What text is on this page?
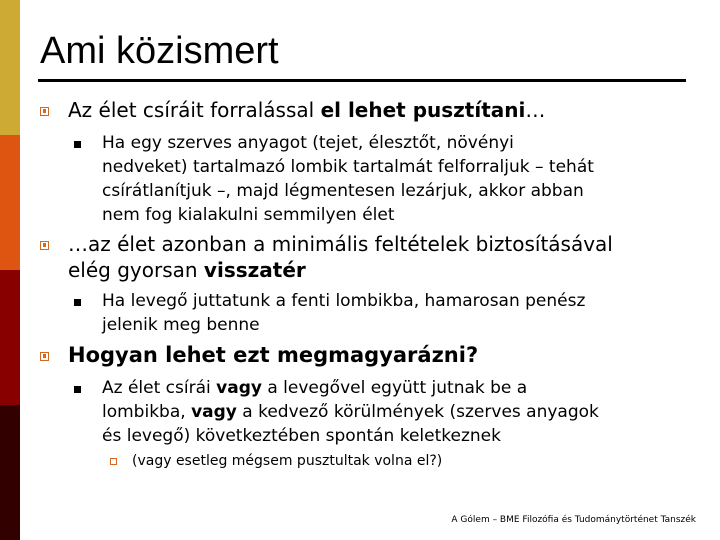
Ami közismert
Az élet csíráit forralással el lehet pusztítani…
Ha egy szerves anyagot (tejet, élesztőt, növényi
nedveket) tartalmazó lombik tartalmát felforraljuk – tehát
csírátlanítjuk –, majd légmentesen lezárjuk, akkor abban
nem fog kialakulni semmilyen élet
…az élet azonban a minimális feltételek biztosításával
elég gyorsan visszatér
Ha levegő juttatunk a fenti lombikba, hamarosan penész
jelenik meg benne
Hogyan lehet ezt megmagyarázni?
Az élet csírái vagy a levegővel együtt jutnak be a
lombikba, vagy a kedvező körülmények (szerves anyagok
és levegő) következtében spontán keletkeznek
(vagy esetleg mégsem pusztultak volna el?)
A Gólem – BME Filozófia és Tudománytörténet Tanszék
